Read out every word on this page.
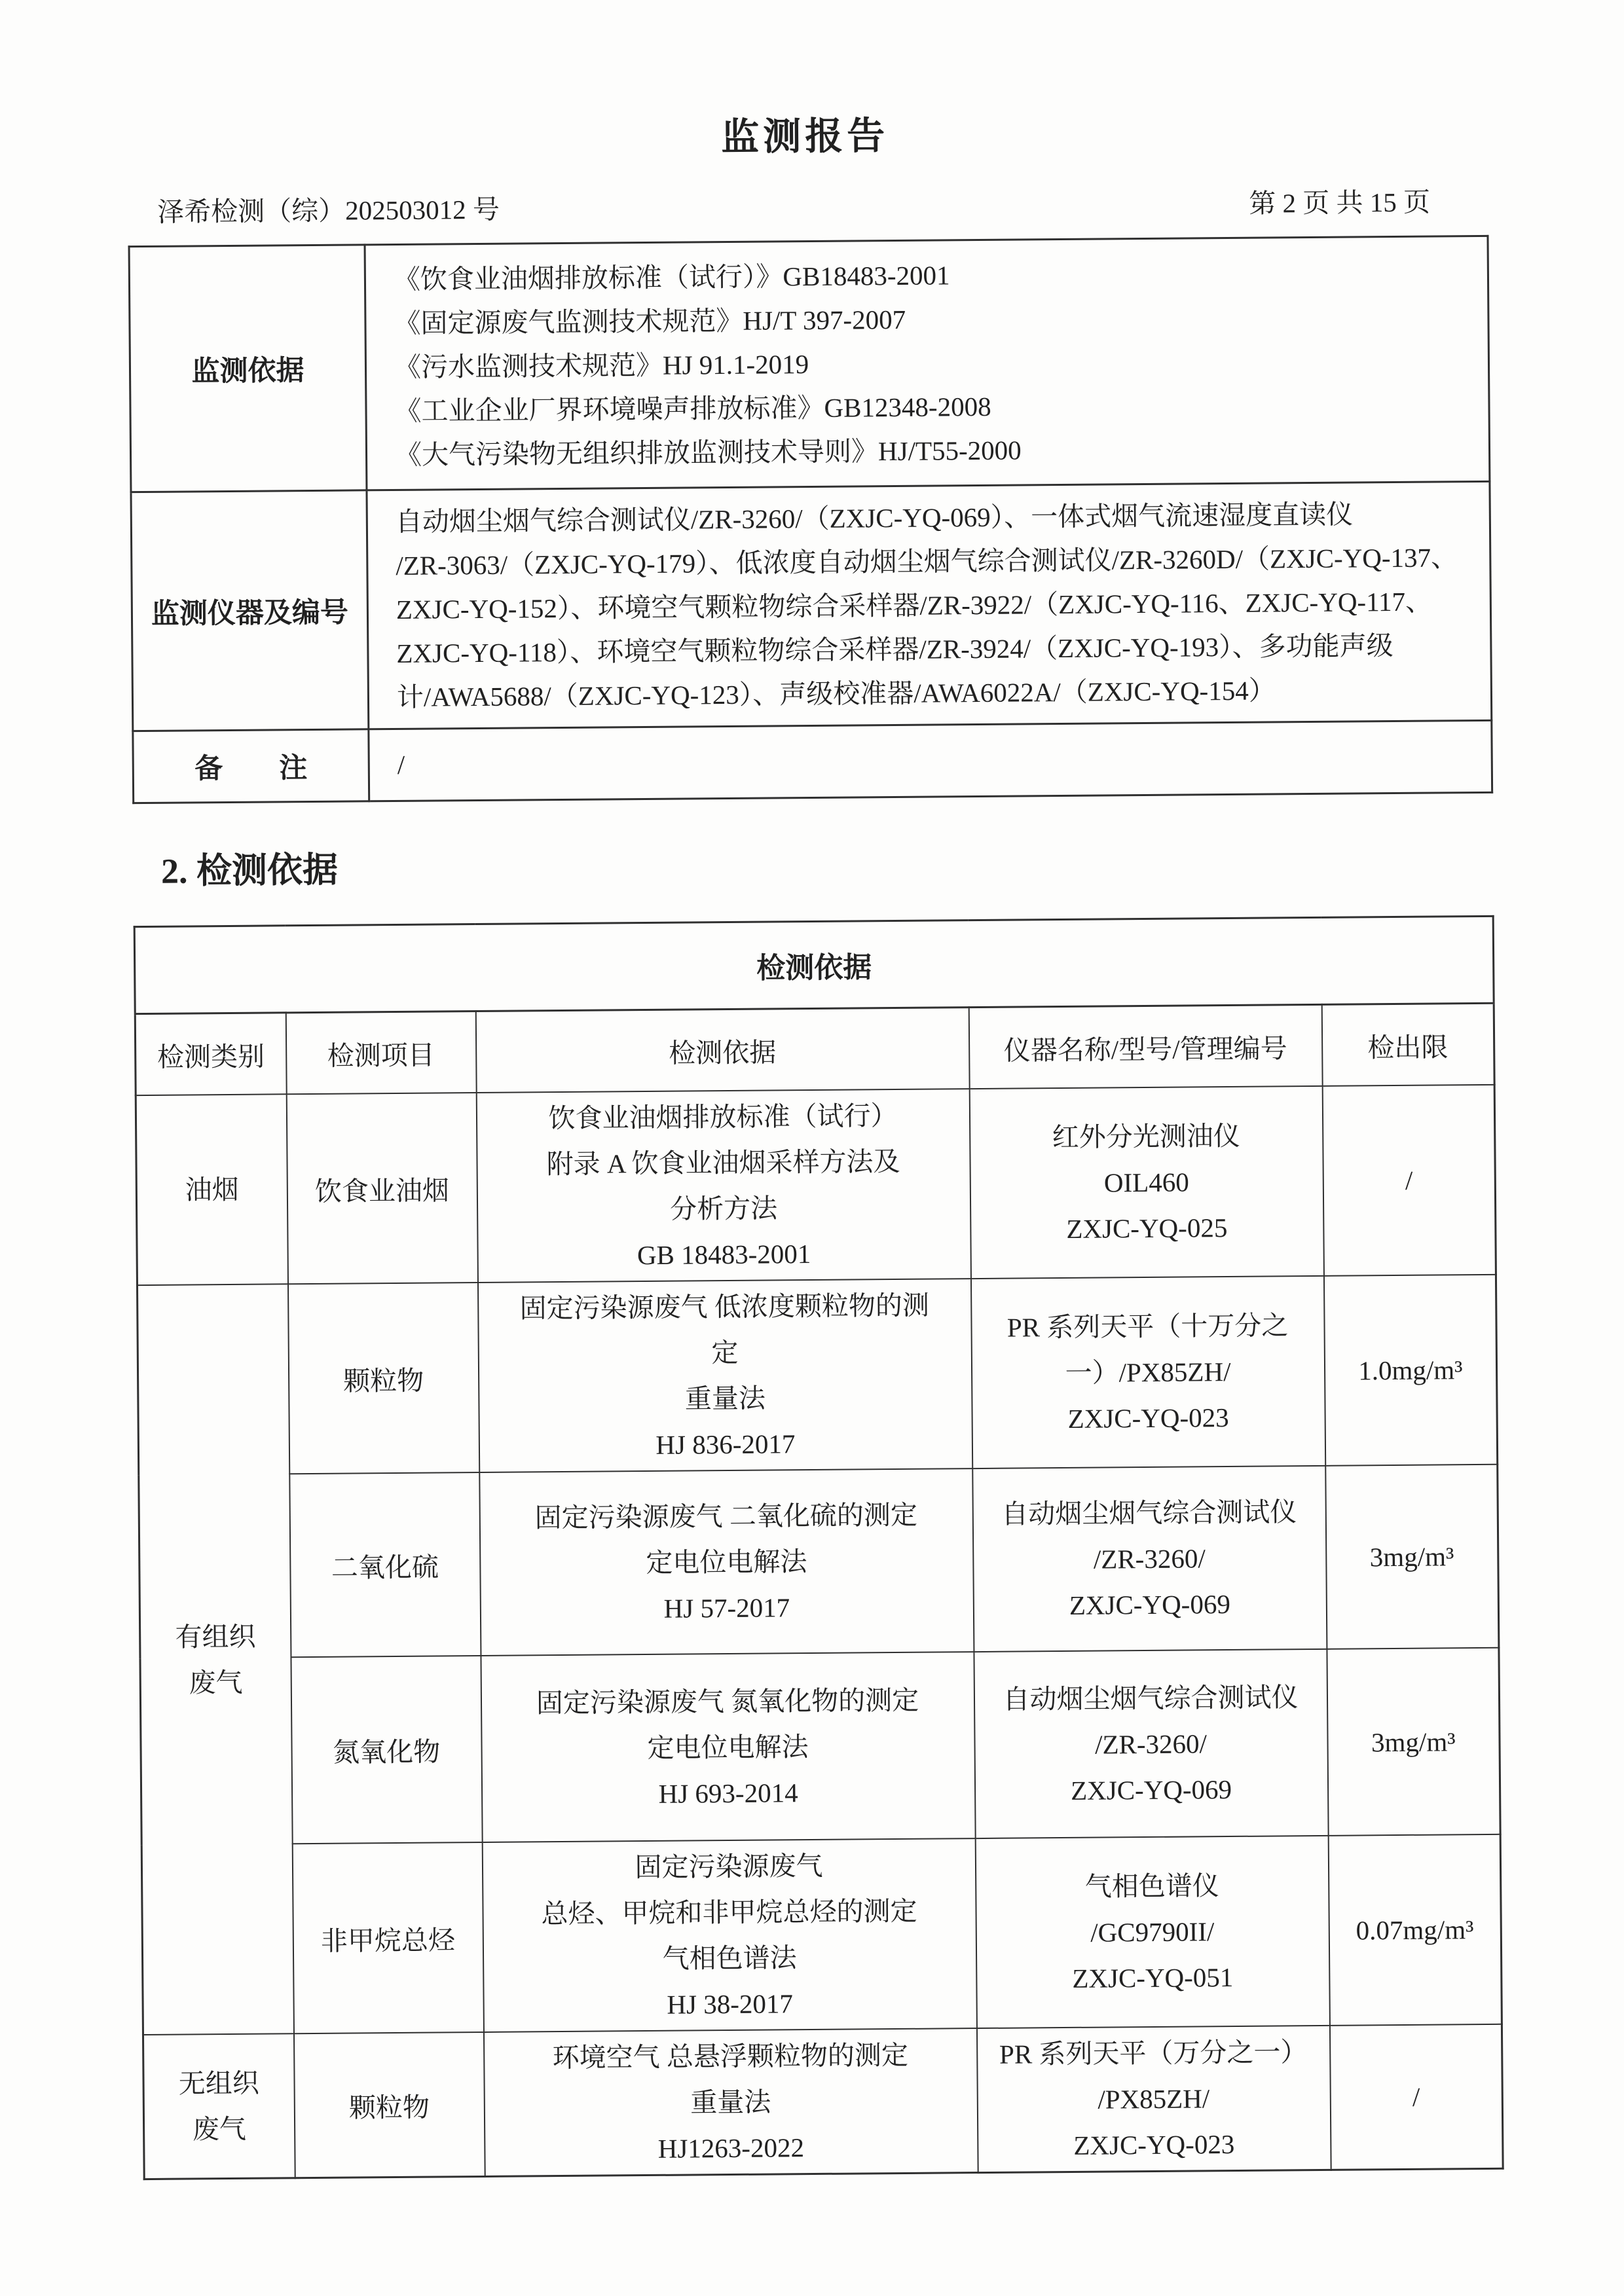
监测报告
泽希检测（综）202503012 号	第 2 页 共 15 页
监测依据	《饮食业油烟排放标准（试行）》GB18483-2001
《固定源废气监测技术规范》HJ/T 397-2007
《污水监测技术规范》HJ 91.1-2019
《工业企业厂界环境噪声排放标准》GB12348-2008
《大气污染物无组织排放监测技术导则》HJ/T55-2000
监测仪器及编号	自动烟尘烟气综合测试仪/ZR-3260/（ZXJC-YQ-069）、一体式烟气流速湿度直读仪
/ZR-3063/（ZXJC-YQ-179）、低浓度自动烟尘烟气综合测试仪/ZR-3260D/（ZXJC-YQ-137、
ZXJC-YQ-152）、环境空气颗粒物综合采样器/ZR-3922/（ZXJC-YQ-116、ZXJC-YQ-117、
ZXJC-YQ-118）、环境空气颗粒物综合采样器/ZR-3924/（ZXJC-YQ-193）、多功能声级
计/AWA5688/（ZXJC-YQ-123）、声级校准器/AWA6022A/（ZXJC-YQ-154）
备　　注	/
2. 检测依据
检测依据				
检测类别	检测项目	检测依据	仪器名称/型号/管理编号	检出限
油烟	饮食业油烟	饮食业油烟排放标准（试行）
附录 A 饮食业油烟采样方法及
分析方法
GB 18483-2001	红外分光测油仪
OIL460
ZXJC-YQ-025	/
有组织
废气	颗粒物	固定污染源废气 低浓度颗粒物的测
定
重量法
HJ 836-2017	PR 系列天平（十万分之
一）/PX85ZH/
ZXJC-YQ-023	1.0mg/m³
	二氧化硫	固定污染源废气 二氧化硫的测定
定电位电解法
HJ 57-2017	自动烟尘烟气综合测试仪
/ZR-3260/
ZXJC-YQ-069	3mg/m³
	氮氧化物	固定污染源废气 氮氧化物的测定
定电位电解法
HJ 693-2014	自动烟尘烟气综合测试仪
/ZR-3260/
ZXJC-YQ-069	3mg/m³
	非甲烷总烃	固定污染源废气
总烃、甲烷和非甲烷总烃的测定
气相色谱法
HJ 38-2017	气相色谱仪
/GC9790II/
ZXJC-YQ-051	0.07mg/m³
无组织
废气	颗粒物	环境空气 总悬浮颗粒物的测定
重量法
HJ1263-2022	PR 系列天平（万分之一）
/PX85ZH/
ZXJC-YQ-023	/
